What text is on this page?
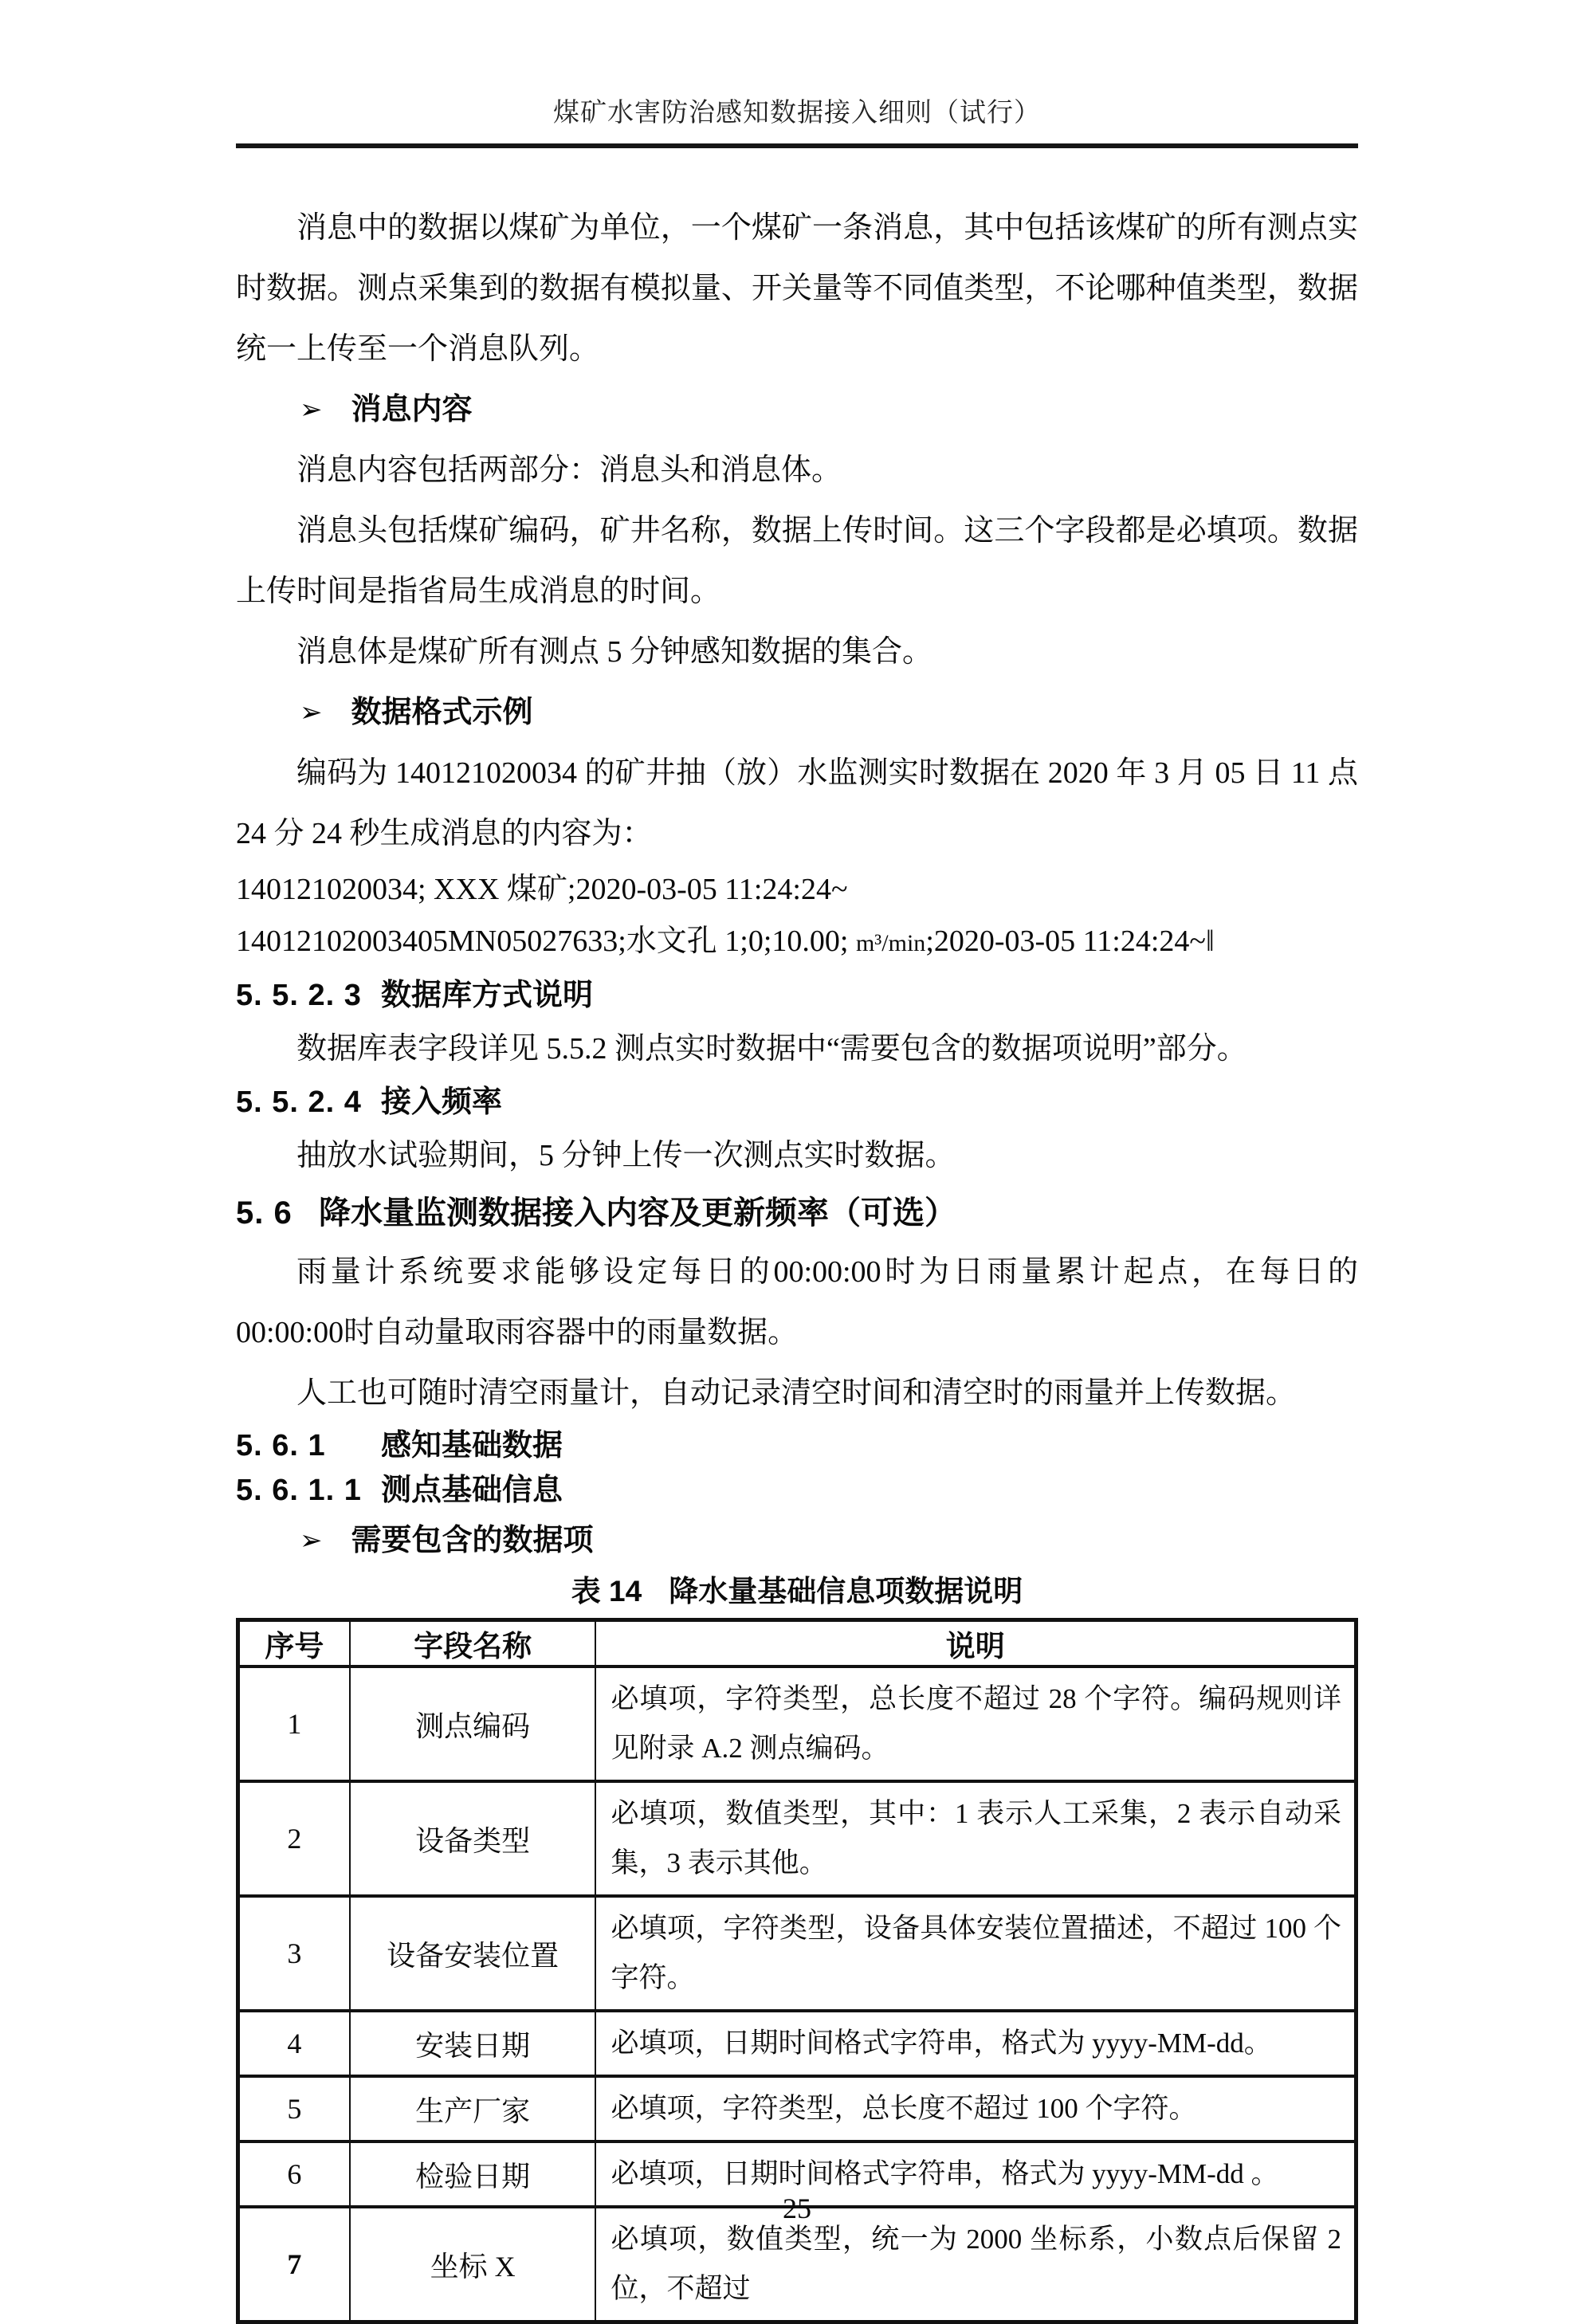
煤矿水害防治感知数据接入细则（试行）

消息中的数据以煤矿为单位，一个煤矿一条消息，其中包括该煤矿的所有测点实时数据。测点采集到的数据有模拟量、开关量等不同值类型，不论哪种值类型，数据统一上传至一个消息队列。

➢ 消息内容

消息内容包括两部分：消息头和消息体。

消息头包括煤矿编码，矿井名称，数据上传时间。这三个字段都是必填项。数据上传时间是指省局生成消息的时间。

消息体是煤矿所有测点 5 分钟感知数据的集合。

➢ 数据格式示例

编码为 140121020034 的矿井抽（放）水监测实时数据在 2020 年 3 月 05 日 11 点 24 分 24 秒生成消息的内容为：

140121020034; XXX 煤矿;2020-03-05 11:24:24~

14012102003405MN05027633;水文孔 1;0;10.00; m³/min;2020-03-05 11:24:24~‖

5. 5. 2. 3 数据库方式说明

数据库表字段详见 5.5.2 测点实时数据中“需要包含的数据项说明”部分。

5. 5. 2. 4 接入频率

抽放水试验期间，5 分钟上传一次测点实时数据。

5. 6 降水量监测数据接入内容及更新频率（可选）

雨量计系统要求能够设定每日的00:00:00时为日雨量累计起点，在每日的00:00:00时自动量取雨容器中的雨量数据。

人工也可随时清空雨量计，自动记录清空时间和清空时的雨量并上传数据。

5. 6. 1 感知基础数据
5. 6. 1. 1 测点基础信息
➢ 需要包含的数据项
表 14 降水量基础信息项数据说明
序号	字段名称	说明
1	测点编码	必填项，字符类型，总长度不超过 28 个字符。编码规则详见附录 A.2 测点编码。
2	设备类型	必填项，数值类型，其中：1 表示人工采集，2 表示自动采集，3 表示其他。
3	设备安装位置	必填项，字符类型，设备具体安装位置描述，不超过 100 个字符。
4	安装日期	必填项，日期时间格式字符串，格式为 yyyy-MM-dd。
5	生产厂家	必填项，字符类型，总长度不超过 100 个字符。
6	检验日期	必填项，日期时间格式字符串，格式为 yyyy-MM-dd 。
7	坐标 X	必填项，数值类型，统一为 2000 坐标系，小数点后保留 2 位，不超过
25
